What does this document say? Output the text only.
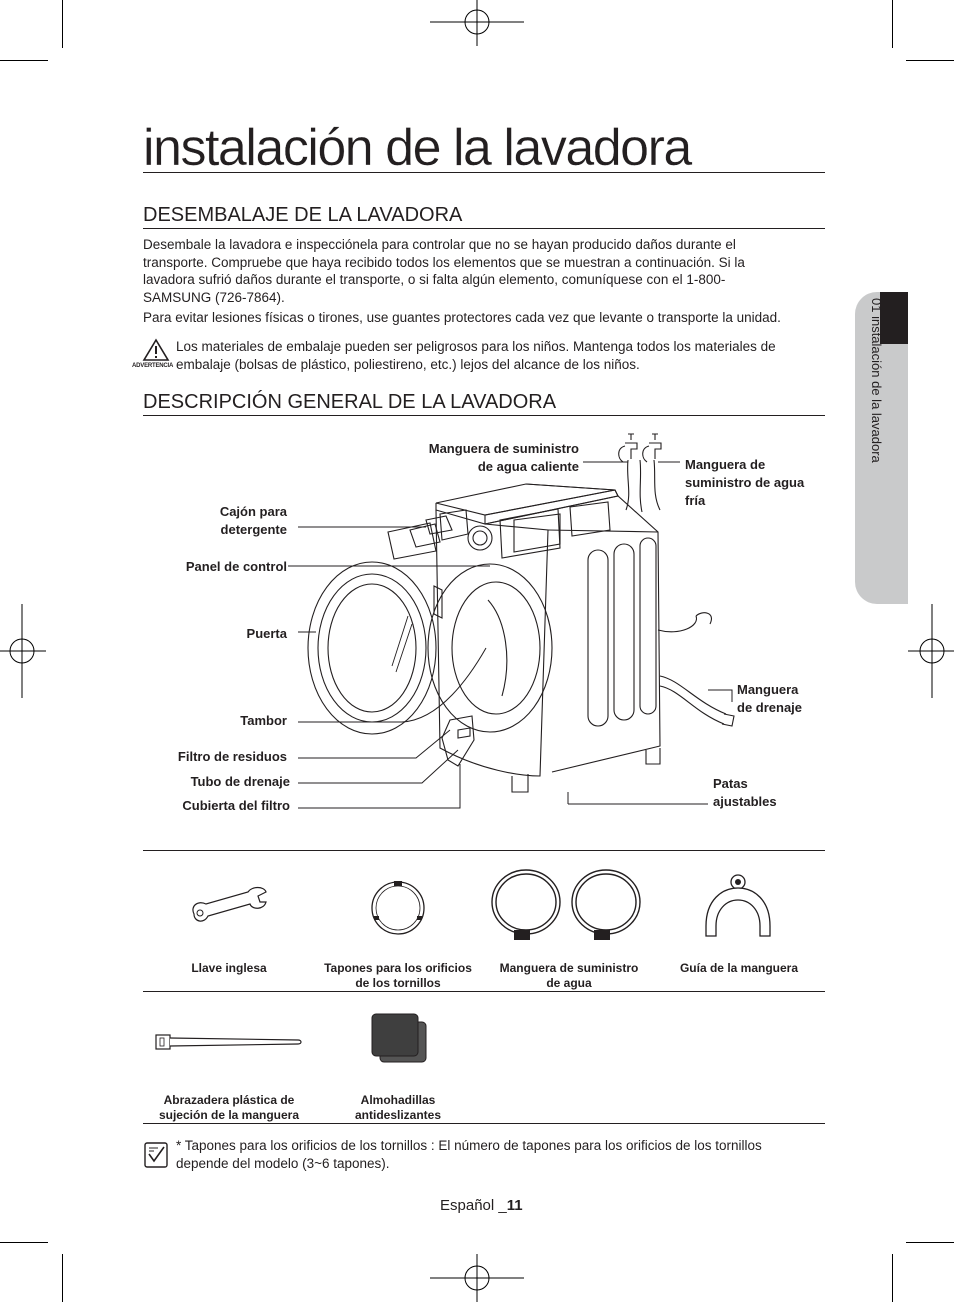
01 instalación de la lavadora
instalación de la lavadora
DESEMBALAJE DE LA LAVADORA
Desembale la lavadora e inspecciónela para controlar que no se hayan producido daños durante el transporte. Compruebe que haya recibido todos los elementos que se muestran a continuación. Si la lavadora sufrió daños durante el transporte, o si falta algún elemento, comuníquese con el 1-800-SAMSUNG (726-7864).
Para evitar lesiones físicas o tirones, use guantes protectores cada vez que levante o transporte la unidad.
ADVERTENCIA
Los materiales de embalaje pueden ser peligrosos para los niños. Mantenga todos los materiales de embalaje (bolsas de plástico, poliestireno, etc.) lejos del alcance de los niños.
DESCRIPCIÓN GENERAL DE LA LAVADORA
Manguera de suministro
de agua caliente	Manguera de
suministro de agua
fría
Cajón para
detergente
Panel de control
Puerta
Tambor
Filtro de residuos
Tubo de drenaje
Cubierta del filtro
Manguera
de drenaje
Patas
ajustables
Llave inglesa	Tapones para los orificios
de los tornillos
Manguera de suministro
de agua
Guía de la manguera
Abrazadera plástica de
sujeción de la manguera
Almohadillas
antideslizantes
* Tapones para los orificios de los tornillos : El número de tapones para los orificios de los tornillos depende del modelo (3~6 tapones).
Español _11
